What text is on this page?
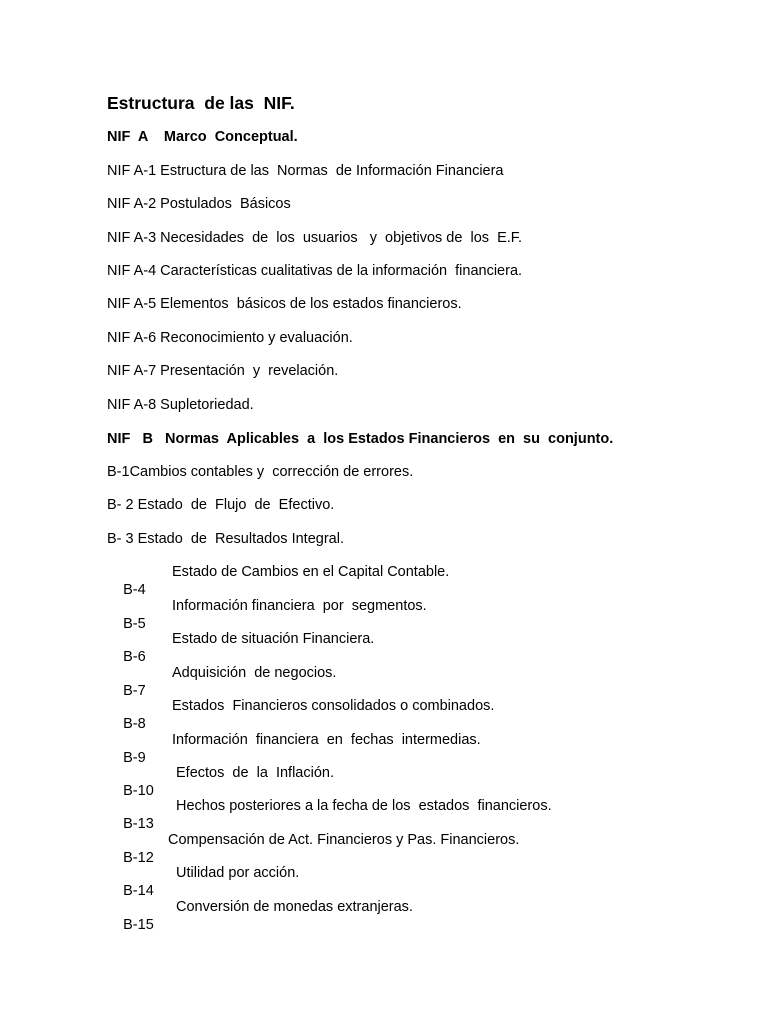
Estructura  de las  NIF.
NIF  A    Marco  Conceptual.
NIF A-1 Estructura de las  Normas  de Información Financiera
NIF A-2 Postulados  Básicos
NIF A-3 Necesidades  de  los  usuarios   y  objetivos de  los  E.F.
NIF A-4 Características cualitativas de la información  financiera.
NIF A-5 Elementos  básicos de los estados financieros.
NIF A-6 Reconocimiento y evaluación.
NIF A-7 Presentación  y  revelación.
NIF A-8 Supletoriedad.
NIF   B   Normas  Aplicables  a  los Estados Financieros  en  su  conjunto.
B-1Cambios contables y  corrección de errores.
B- 2 Estado  de  Flujo  de  Efectivo.
B- 3 Estado  de  Resultados Integral.

B-4

Estado de Cambios en el Capital Contable.

B-5

Información financiera  por  segmentos.

B-6

Estado de situación Financiera.

B-7

Adquisición  de negocios.

B-8

Estados  Financieros consolidados o combinados.

B-9

Información  financiera  en  fechas  intermedias.

B-10

Efectos  de  la  Inflación.

B-13

Hechos posteriores a la fecha de los  estados  financieros.

B-12

Compensación de Act. Financieros y Pas. Financieros.

B-14

Utilidad por acción.

B-15

Conversión de monedas extranjeras.
